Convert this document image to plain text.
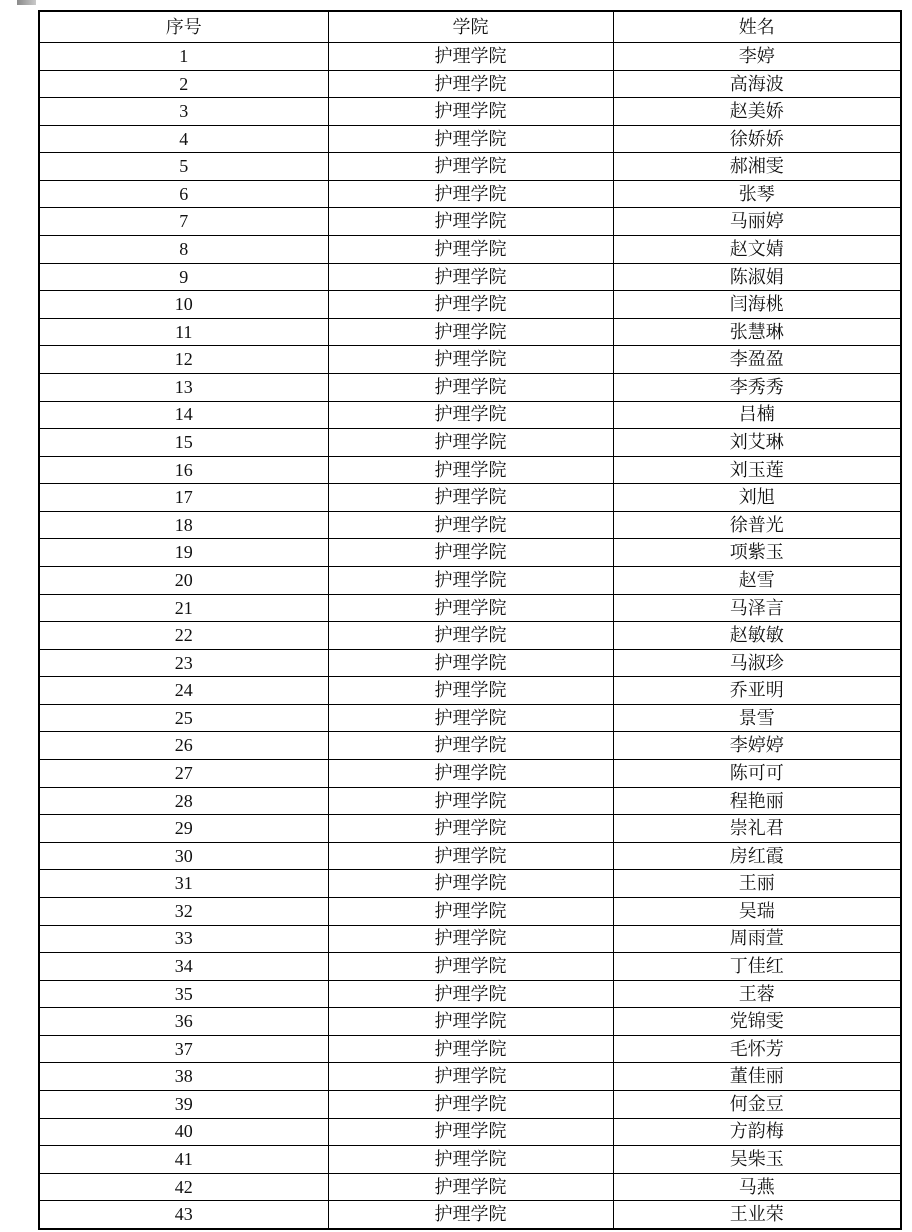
序号	学院	姓名
1	护理学院	李婷
2	护理学院	高海波
3	护理学院	赵美娇
4	护理学院	徐娇娇
5	护理学院	郝湘雯
6	护理学院	张琴
7	护理学院	马丽婷
8	护理学院	赵文婧
9	护理学院	陈淑娟
10	护理学院	闫海桃
11	护理学院	张慧琳
12	护理学院	李盈盈
13	护理学院	李秀秀
14	护理学院	吕楠
15	护理学院	刘艾琳
16	护理学院	刘玉莲
17	护理学院	刘旭
18	护理学院	徐普光
19	护理学院	项紫玉
20	护理学院	赵雪
21	护理学院	马泽言
22	护理学院	赵敏敏
23	护理学院	马淑珍
24	护理学院	乔亚明
25	护理学院	景雪
26	护理学院	李婷婷
27	护理学院	陈可可
28	护理学院	程艳丽
29	护理学院	崇礼君
30	护理学院	房红霞
31	护理学院	王丽
32	护理学院	吴瑞
33	护理学院	周雨萱
34	护理学院	丁佳红
35	护理学院	王蓉
36	护理学院	党锦雯
37	护理学院	毛怀芳
38	护理学院	董佳丽
39	护理学院	何金豆
40	护理学院	方韵梅
41	护理学院	吴柴玉
42	护理学院	马燕
43	护理学院	王业荣
